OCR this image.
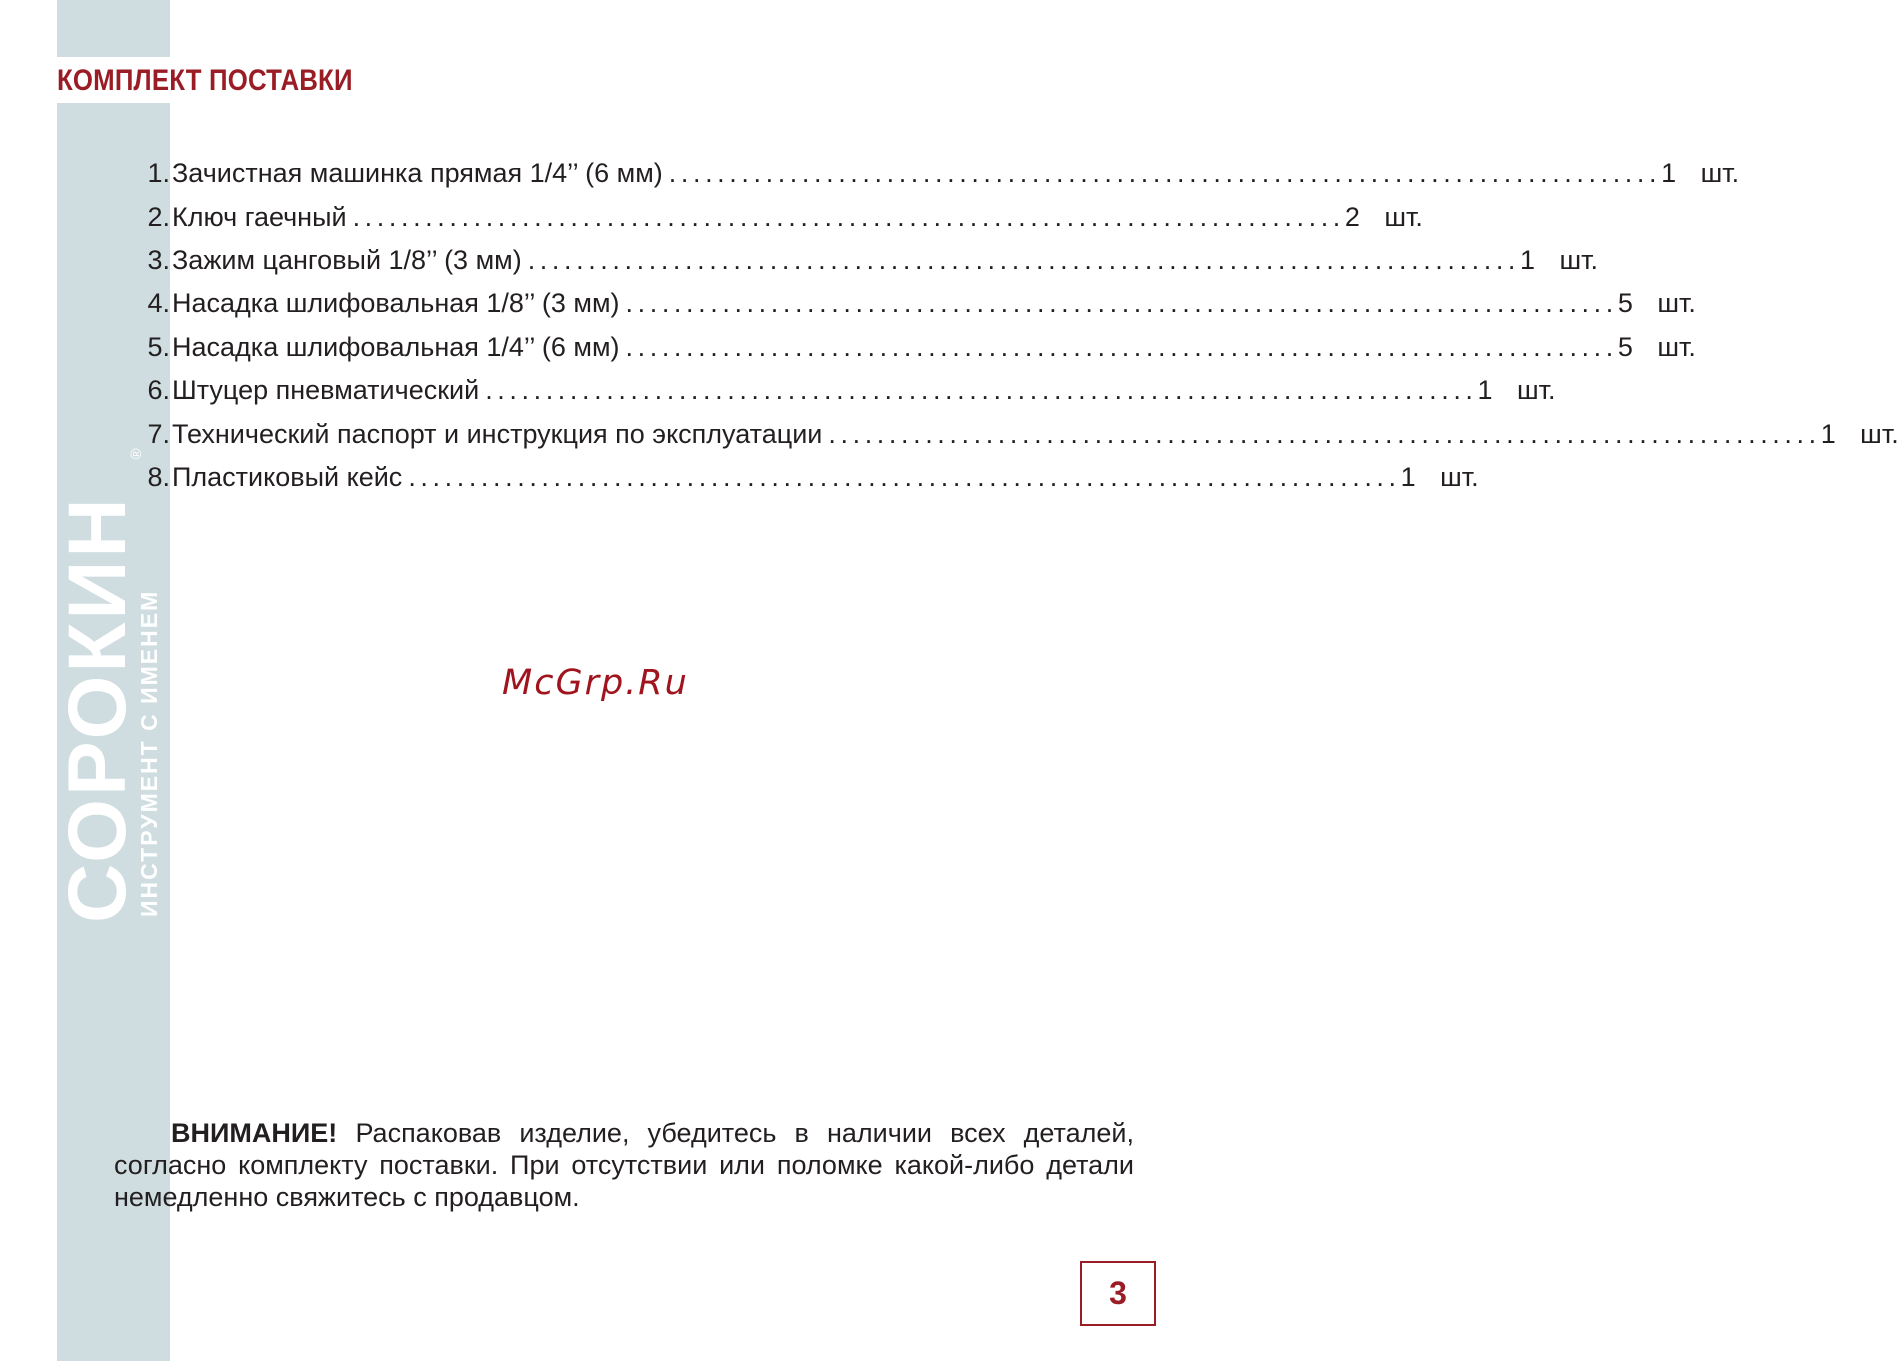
КОМПЛЕКТ ПОСТАВКИ
СОРОКИН
ИНСТРУМЕНТ С ИМЕНЕМ
®
1. Зачистная машинка прямая 1/4’’ (6 мм) .................................................................................. 1 шт.
2. Ключ гаечный .................................................................................. 2 шт.
3. Зажим цанговый 1/8’’ (3 мм) .................................................................................. 1 шт.
4. Насадка шлифовальная 1/8’’ (3 мм) .................................................................................. 5 шт.
5. Насадка шлифовальная 1/4’’ (6 мм) .................................................................................. 5 шт.
6. Штуцер пневматический .................................................................................. 1 шт.
7. Технический паспорт и инструкция по эксплуатации .................................................................................. 1 шт.
8. Пластиковый кейс .................................................................................. 1 шт.
McGrp.Ru

ВНИМАНИЕ! Распаковав изделие, убедитесь в наличии всех деталей, согласно комплекту поставки. При отсутствии или поломке какой-либо детали немедленно свяжитесь с продавцом.

3
